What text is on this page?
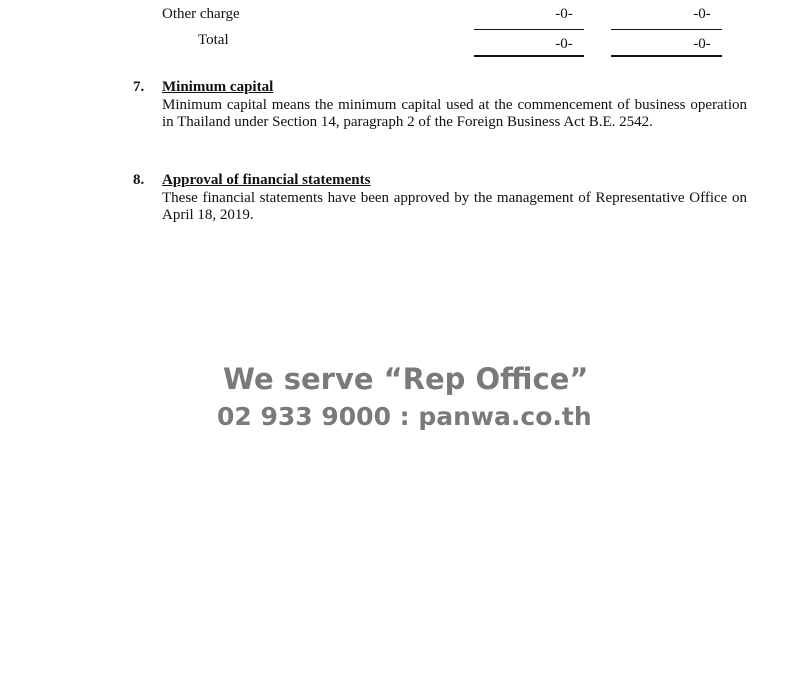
Other charge	-0-	-0-
Total	-0-	-0-
7. Minimum capital
Minimum capital means the minimum capital used at the commencement of business operation in Thailand under Section 14, paragraph 2 of the Foreign Business Act B.E. 2542.
8. Approval of financial statements
These financial statements have been approved by the management of Representative Office on April 18, 2019.
We serve “Rep Office”
02 933 9000 : panwa.co.th
